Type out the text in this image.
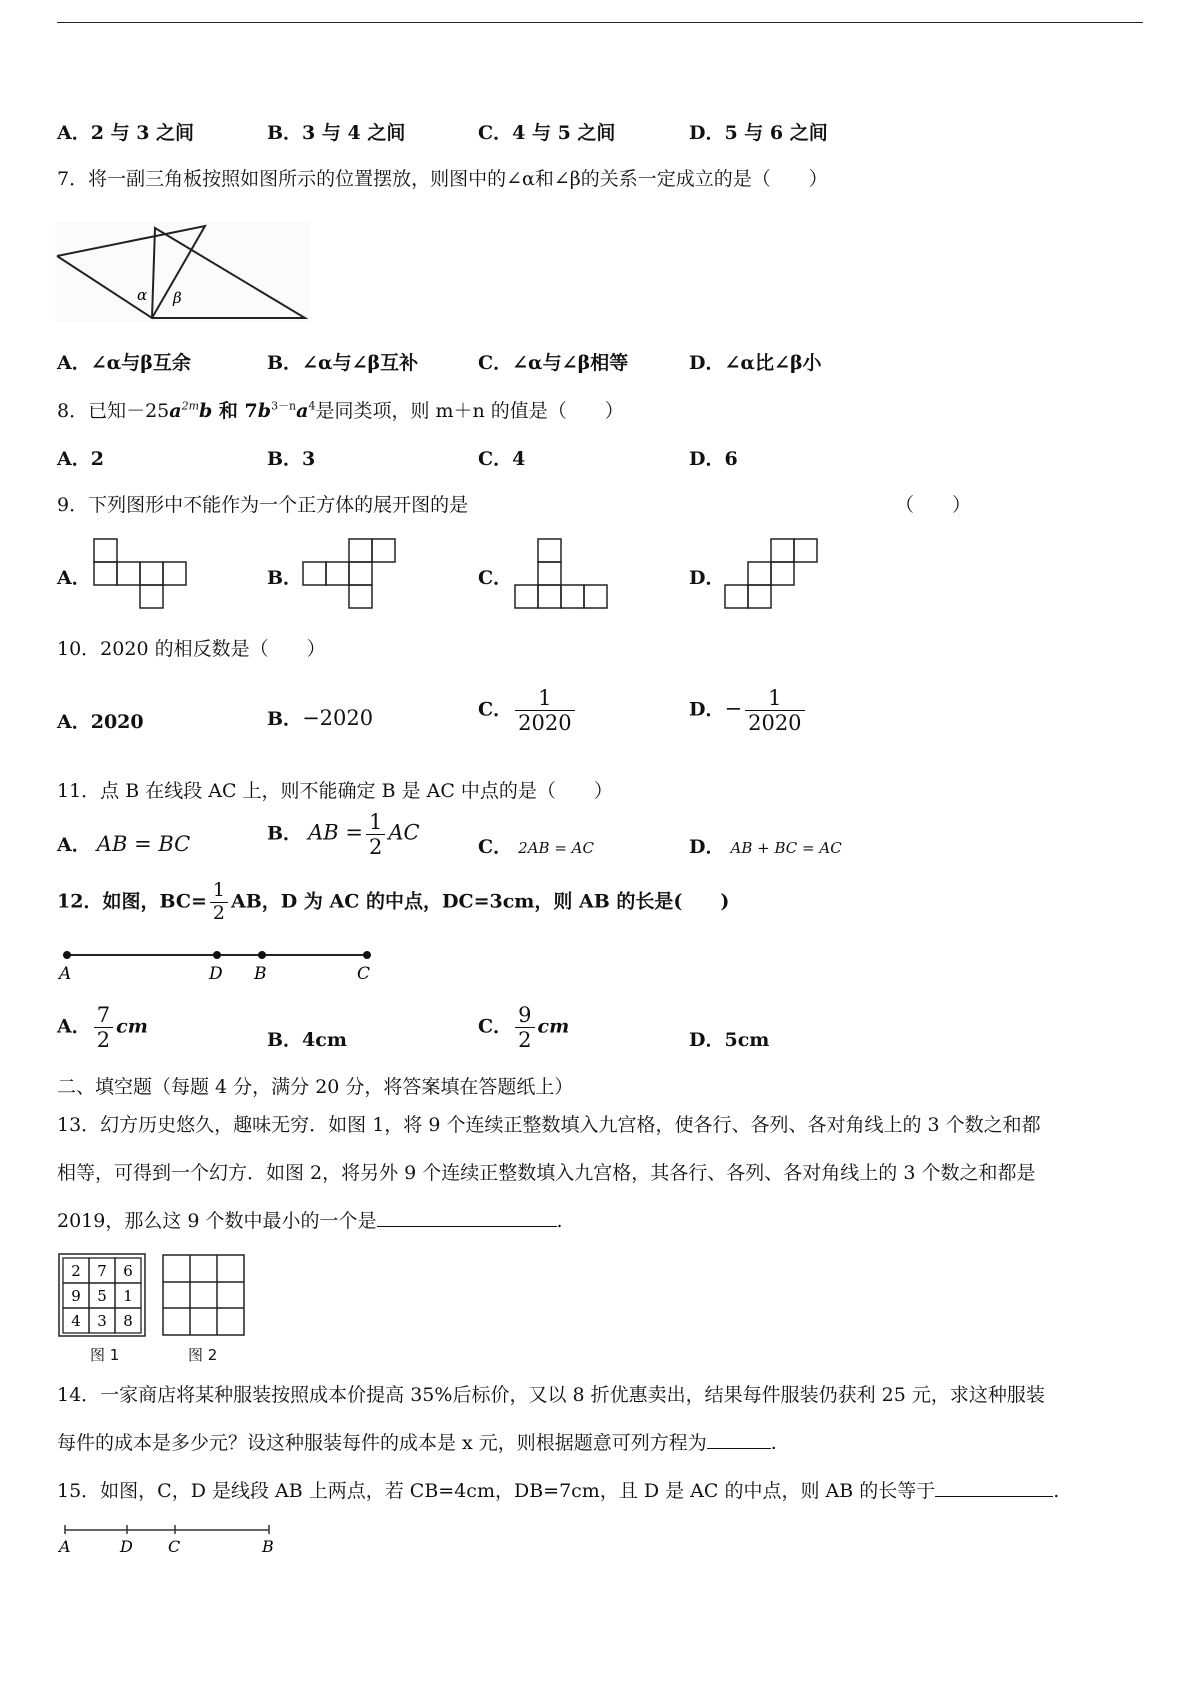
A．2 与 3 之间	B．3 与 4 之间	C．4 与 5 之间	D．5 与 6 之间
7．将一副三角板按照如图所示的位置摆放，则图中的∠α和∠β的关系一定成立的是（　　）
α β
A．∠α与β互余	B．∠α与∠β互补	C．∠α与∠β相等	D．∠α比∠β小
8．已知$-25a^{2m}b$ 和 $7b^{3-n}a^4$是同类项，则 m＋n 的值是（　　）
A．2	B．3	C．4	D．6
9．下列图形中不能作为一个正方体的展开图的是	（　　）
A．	B．	C．	D．
10．2020 的相反数是（　　）
A．2020	B．−2020	C． $\frac{1}{2020}$	D．− $\frac{1}{2020}$
11．点 B 在线段 AC 上，则不能确定 B 是 AC 中点的是（　　）
A． AB = BC	B． AB = $\frac{1}{2}$ AC
C． 2AB = AC	D． AB + BC = AC
12．如图，$BC= \frac{1}{2}$ AB，D 为 AC 的中点，DC=3cm，则 AB 的长是(　　)
A	D B	C
A． $\frac{7}{2}$ cm
B．4cm
C． $\frac{9}{2}$ cm
D．5cm
二、填空题（每题 4 分，满分 20 分，将答案填在答题纸上）
13．幻方历史悠久，趣味无穷．如图 1，将 9 个连续正整数填入九宫格，使各行、各列、各对角线上的 3 个数之和都
相等，可得到一个幻方．如图 2，将另外 9 个连续正整数填入九宫格，其各行、各列、各对角线上的 3 个数之和都是
2019，那么这 9 个数中最小的一个是	.
2 7 6
9 5 1
4 3 8
图 1	图 2
14．一家商店将某种服装按照成本价提高 35%后标价，又以 8 折优惠卖出，结果每件服装仍获利 25 元，求这种服装
每件的成本是多少元？设这种服装每件的成本是 x 元，则根据题意可列方程为	.
15．如图，C，D 是线段 AB 上两点，若 CB=4cm，DB=7cm，且 D 是 AC 的中点，则 AB 的长等于	.
A	D C	B
